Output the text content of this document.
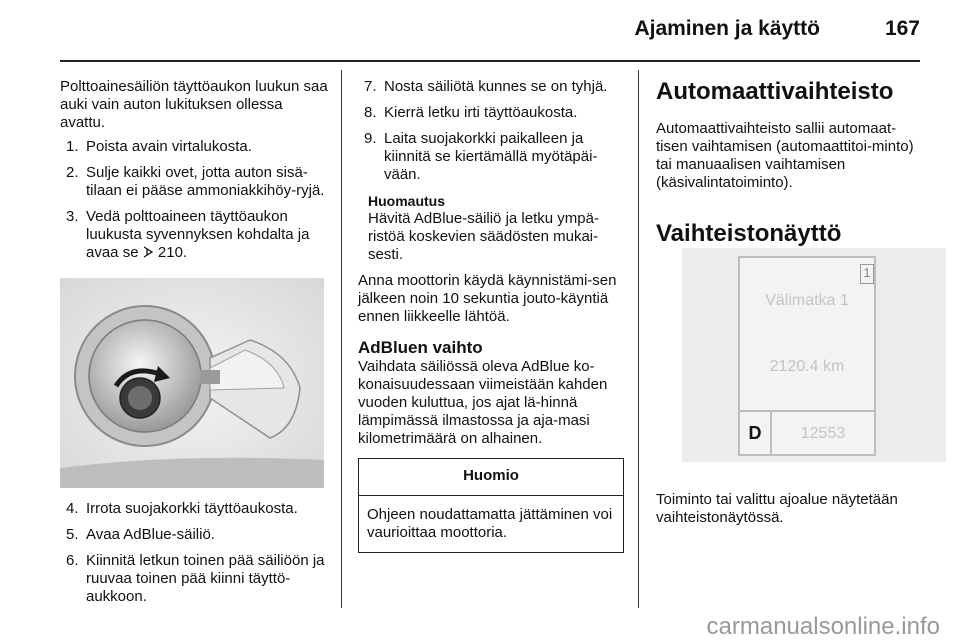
Ajaminen ja käyttö	167

Polttoainesäiliön täyttöaukon luukun saa auki vain auton lukituksen ollessa avattu.

1. Poista avain virtalukosta.
2. Sulje kaikki ovet, jotta auton sisä-tilaan ei pääse ammoniakkihöy-ryjä.
3. Vedä polttoaineen täyttöaukon luukusta syvennyksen kohdalta ja avaa se  210.
4. Irrota suojakorkki täyttöaukosta.
5. Avaa AdBlue-säiliö.
6. Kiinnitä letkun toinen pää säiliöön ja ruuvaa toinen pää kiinni täyttö-aukkoon.
7. Nosta säiliötä kunnes se on tyhjä.
8. Kierrä letku irti täyttöaukosta.
9. Laita suojakorkki paikalleen ja kiinnitä se kiertämällä myötäpäi-vään.
Huomautus

Hävitä AdBlue-säiliö ja letku ympä-ristöä koskevien säädösten mukai-sesti.

Anna moottorin käydä käynnistämi-sen jälkeen noin 10 sekuntia jouto-käyntiä ennen liikkeelle lähtöä.

AdBluen vaihto

Vaihdata säiliössä oleva AdBlue ko-konaisuudessaan viimeistään kahden vuoden kuluttua, jos ajat lä-hinnä lämpimässä ilmastossa ja aja-masi kilometrimäärä on alhainen.

Huomio

Ohjeen noudattamatta jättäminen voi vaurioittaa moottoria.

Automaattivaihteisto

Automaattivaihteisto sallii automaat-tisen vaihtamisen (automaattitoi-minto) tai manuaalisen vaihtamisen (käsivalintatoiminto).

Vaihteistonäyttö
1
Välimatka 1
2120.4 km
D	12553

Toiminto tai valittu ajoalue näytetään vaihteistonäytössä.

carmanualsonline.info
